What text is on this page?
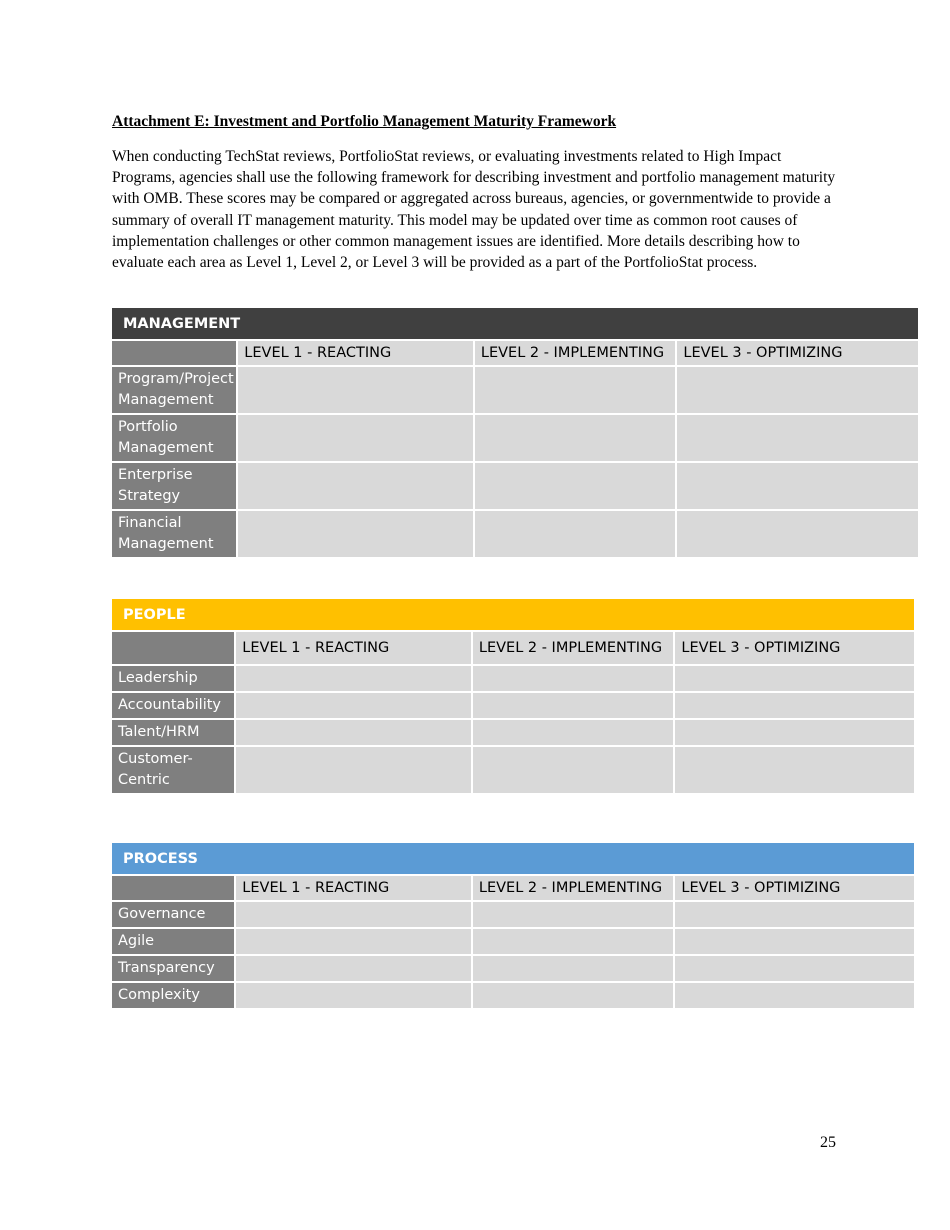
Attachment E: Investment and Portfolio Management Maturity Framework

When conducting TechStat reviews, PortfolioStat reviews, or evaluating investments related to High Impact Programs, agencies shall use the following framework for describing investment and portfolio management maturity with OMB. These scores may be compared or aggregated across bureaus, agencies, or governmentwide to provide a summary of overall IT management maturity. This model may be updated over time as common root causes of implementation challenges or other common management issues are identified. More details describing how to evaluate each area as Level 1, Level 2, or Level 3 will be provided as a part of the PortfolioStat process.

MANAGEMENT			
	LEVEL 1 - REACTING	LEVEL 2 - IMPLEMENTING	LEVEL 3 - OPTIMIZING
Program/Project Management			
Portfolio Management			
Enterprise Strategy			
Financial Management			
PEOPLE			
	LEVEL 1 - REACTING	LEVEL 2 - IMPLEMENTING	LEVEL 3 - OPTIMIZING
Leadership			
Accountability			
Talent/HRM			
Customer-Centric			
PROCESS			
	LEVEL 1 - REACTING	LEVEL 2 - IMPLEMENTING	LEVEL 3 - OPTIMIZING
Governance			
Agile			
Transparency			
Complexity			
25
